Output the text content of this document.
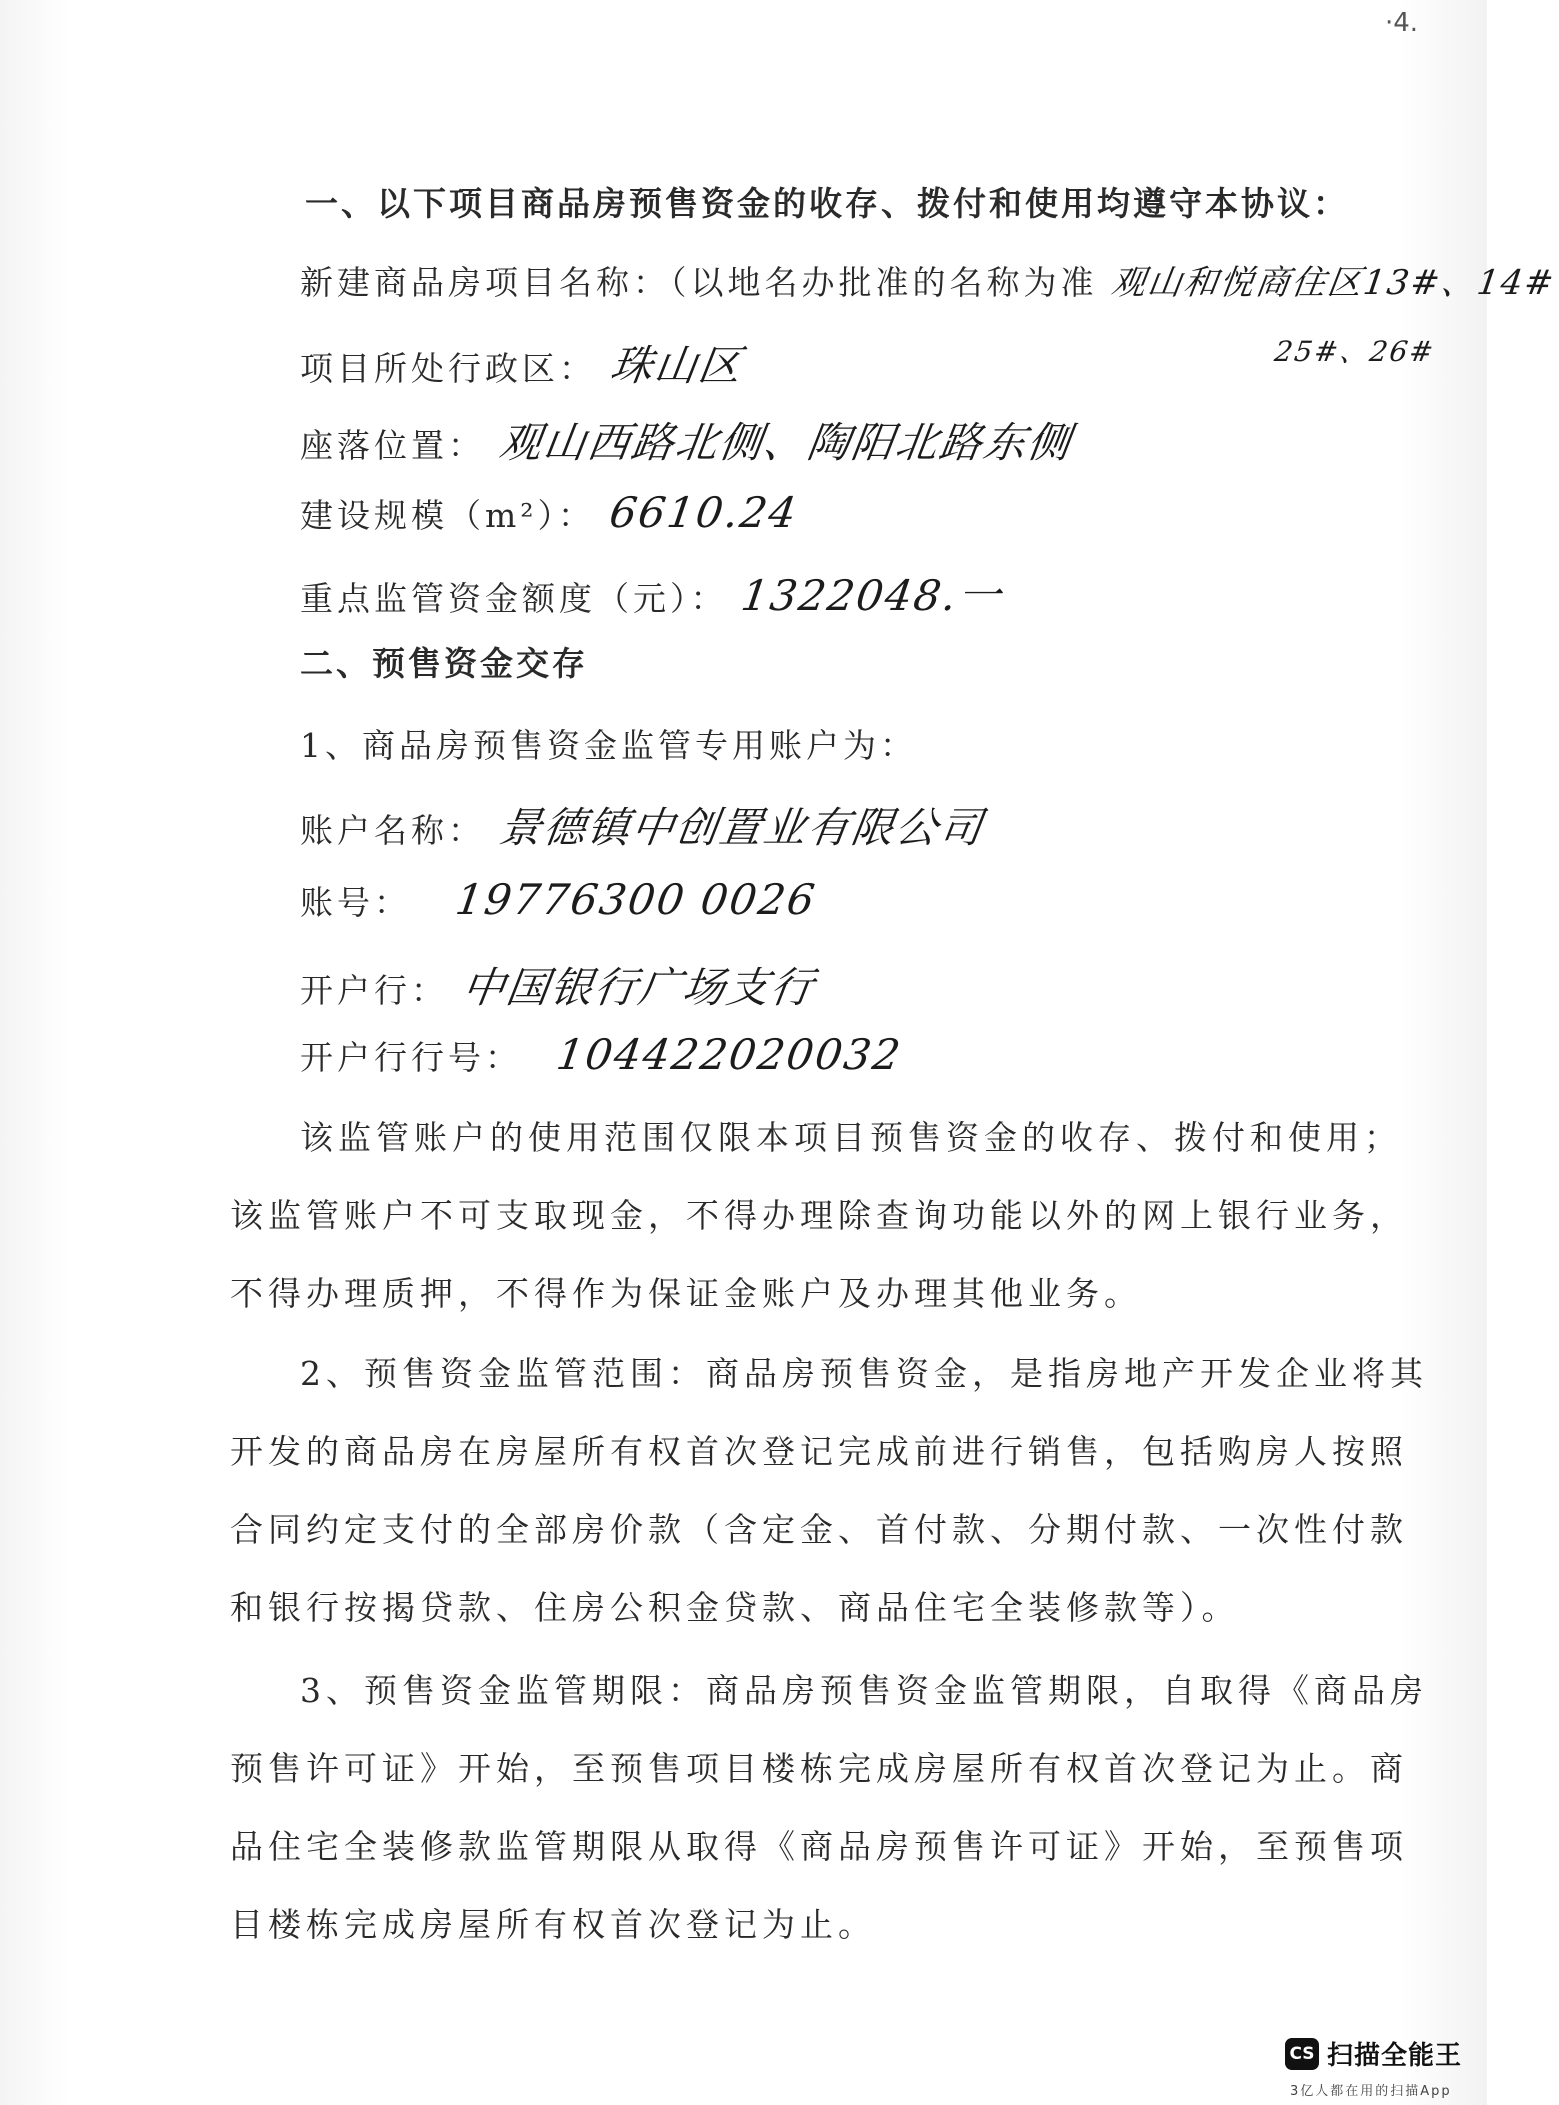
·4.
一、以下项目商品房预售资金的收存、拨付和使用均遵守本协议：
新建商品房项目名称：（以地名办批准的名称为准 观山和悦商住区13#、14#
25#、26#
项目所处行政区： 珠山区
座落位置： 观山西路北侧、陶阳北路东侧
建设规模（m²）： 6610.24
重点监管资金额度（元）： 1322048.一
二、预售资金交存
1、商品房预售资金监管专用账户为：
账户名称： 景德镇中创置业有限公司
账号： 19776300 0026
开户行： 中国银行广场支行
开户行行号： 104422020032
该监管账户的使用范围仅限本项目预售资金的收存、拨付和使用；
该监管账户不可支取现金，不得办理除查询功能以外的网上银行业务，
不得办理质押，不得作为保证金账户及办理其他业务。
2、预售资金监管范围：商品房预售资金，是指房地产开发企业将其
开发的商品房在房屋所有权首次登记完成前进行销售，包括购房人按照
合同约定支付的全部房价款（含定金、首付款、分期付款、一次性付款
和银行按揭贷款、住房公积金贷款、商品住宅全装修款等）。
3、预售资金监管期限：商品房预售资金监管期限，自取得《商品房
预售许可证》开始，至预售项目楼栋完成房屋所有权首次登记为止。商
品住宅全装修款监管期限从取得《商品房预售许可证》开始，至预售项
目楼栋完成房屋所有权首次登记为止。
CS 扫描全能王
3亿人都在用的扫描App
